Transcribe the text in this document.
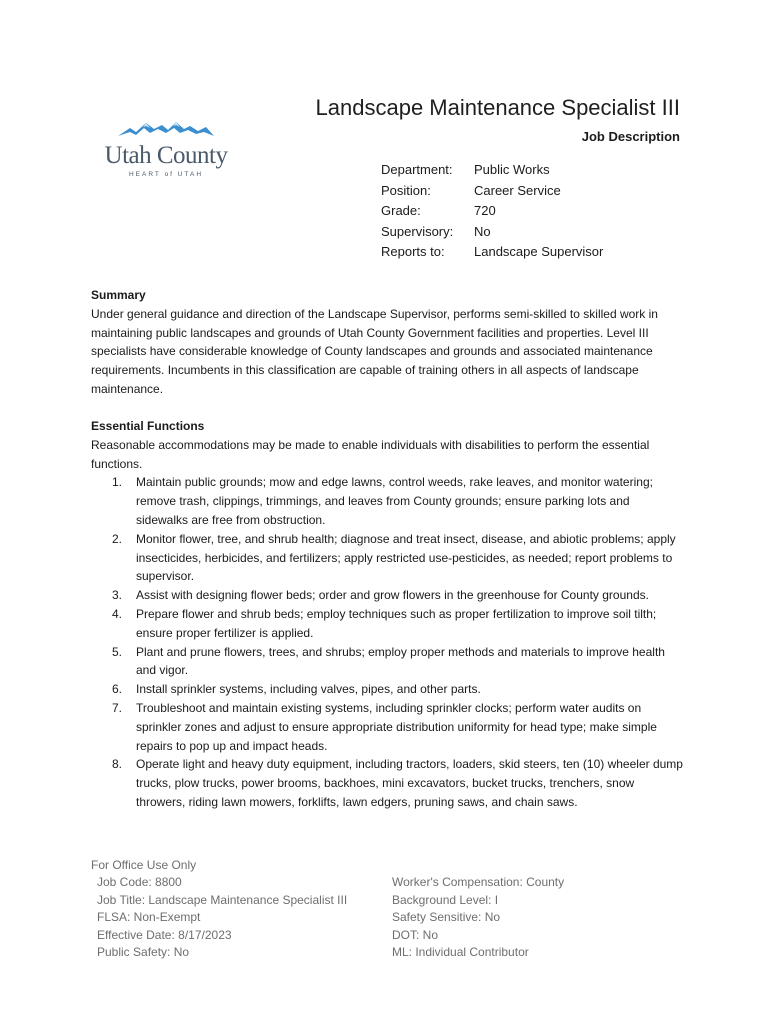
Utah County
HEART of UTAH
Landscape Maintenance Specialist III
Job Description
Department:	Public Works
Position:	Career Service
Grade:	720
Supervisory:	No
Reports to:	Landscape Supervisor
Summary
Under general guidance and direction of the Landscape Supervisor, performs semi-skilled to skilled work in maintaining public landscapes and grounds of Utah County Government facilities and properties. Level III specialists have considerable knowledge of County landscapes and grounds and associated maintenance requirements. Incumbents in this classification are capable of training others in all aspects of landscape maintenance.
Essential Functions
Reasonable accommodations may be made to enable individuals with disabilities to perform the essential functions.
1. Maintain public grounds; mow and edge lawns, control weeds, rake leaves, and monitor watering; remove trash, clippings, trimmings, and leaves from County grounds; ensure parking lots and sidewalks are free from obstruction.
2. Monitor flower, tree, and shrub health; diagnose and treat insect, disease, and abiotic problems; apply insecticides, herbicides, and fertilizers; apply restricted use-pesticides, as needed; report problems to supervisor.
3. Assist with designing flower beds; order and grow flowers in the greenhouse for County grounds.
4. Prepare flower and shrub beds; employ techniques such as proper fertilization to improve soil tilth; ensure proper fertilizer is applied.
5. Plant and prune flowers, trees, and shrubs; employ proper methods and materials to improve health and vigor.
6. Install sprinkler systems, including valves, pipes, and other parts.
7. Troubleshoot and maintain existing systems, including sprinkler clocks; perform water audits on sprinkler zones and adjust to ensure appropriate distribution uniformity for head type; make simple repairs to pop up and impact heads.
8. Operate light and heavy duty equipment, including tractors, loaders, skid steers, ten (10) wheeler dump trucks, plow trucks, power brooms, backhoes, mini excavators, bucket trucks, trenchers, snow throwers, riding lawn mowers, forklifts, lawn edgers, pruning saws, and chain saws.
For Office Use Only
Job Code: 8800
Job Title: Landscape Maintenance Specialist III
FLSA: Non-Exempt
Effective Date: 8/17/2023
Public Safety: No
Worker's Compensation: County
Background Level: I
Safety Sensitive: No
DOT: No
ML: Individual Contributor
